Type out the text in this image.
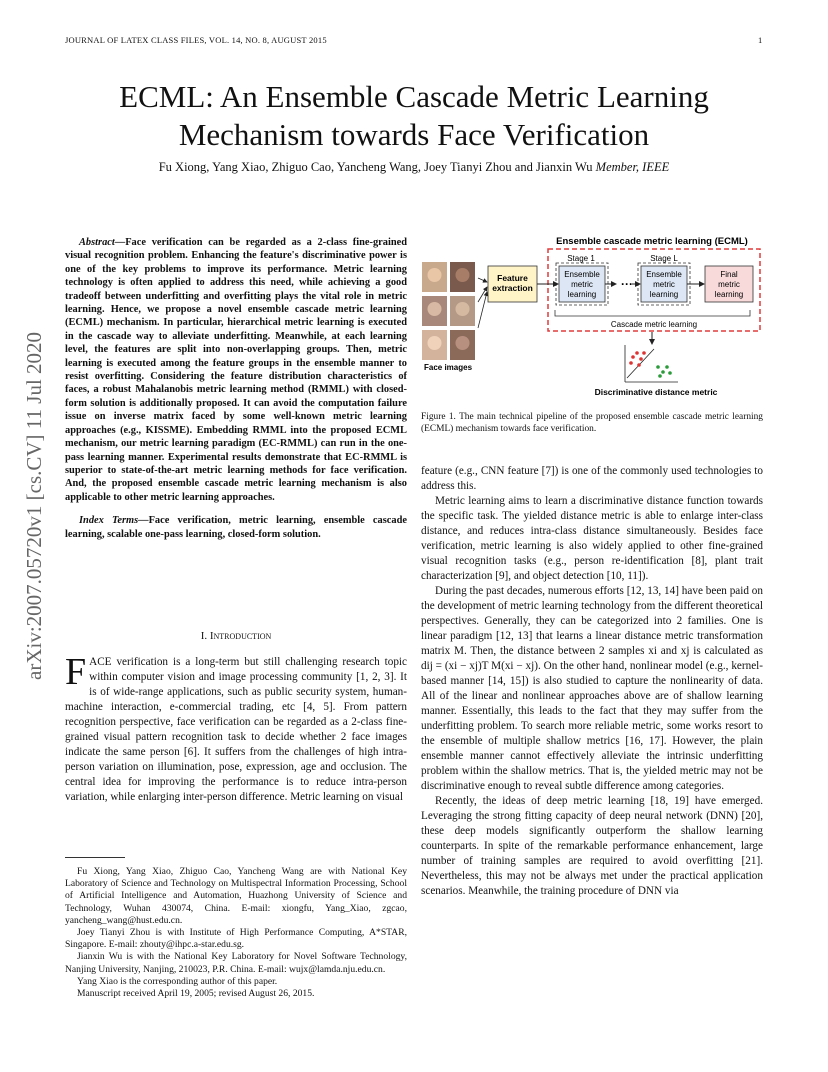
JOURNAL OF LATEX CLASS FILES, VOL. 14, NO. 8, AUGUST 2015	1
ECML: An Ensemble Cascade Metric Learning
Mechanism towards Face Verification
Fu Xiong, Yang Xiao, Zhiguo Cao, Yancheng Wang, Joey Tianyi Zhou and Jianxin Wu Member, IEEE
arXiv:2007.05720v1 [cs.CV] 11 Jul 2020
Abstract—Face verification can be regarded as a 2-class fine-grained visual recognition problem. Enhancing the feature's discriminative power is one of the key problems to improve its performance. Metric learning technology is often applied to address this need, while achieving a good tradeoff between underfitting and overfitting plays the vital role in metric learning. Hence, we propose a novel ensemble cascade metric learning (ECML) mechanism. In particular, hierarchical metric learning is executed in the cascade way to alleviate underfitting. Meanwhile, at each learning level, the features are split into non-overlapping groups. Then, metric learning is executed among the feature groups in the ensemble manner to resist overfitting. Considering the feature distribution characteristics of faces, a robust Mahalanobis metric learning method (RMML) with closed-form solution is additionally proposed. It can avoid the computation failure issue on inverse matrix faced by some well-known metric learning approaches (e.g., KISSME). Embedding RMML into the proposed ECML mechanism, our metric learning paradigm (EC-RMML) can run in the one-pass learning manner. Experimental results demonstrate that EC-RMML is superior to state-of-the-art metric learning methods for face verification. And, the proposed ensemble cascade metric learning mechanism is also applicable to other metric learning approaches.
Index Terms—Face verification, metric learning, ensemble cascade learning, scalable one-pass learning, closed-form solution.
I. Introduction
FACE verification is a long-term but still challenging research topic within computer vision and image processing community [1, 2, 3]. It is of wide-range applications, such as public security system, human-machine interaction, e-commercial trading, etc [4, 5]. From pattern recognition perspective, face verification can be regarded as a 2-class fine-grained visual pattern recognition task to decide whether 2 face images indicate the same person [6]. It suffers from the challenges of high intra-person variation on illumination, pose, expression, age and occlusion. The central idea for improving the performance is to reduce intra-person variation, while enlarging inter-person difference. Metric learning on visual

Fu Xiong, Yang Xiao, Zhiguo Cao, Yancheng Wang are with National Key Laboratory of Science and Technology on Multispectral Information Processing, School of Artificial Intelligence and Automation, Huazhong University of Science and Technology, Wuhan 430074, China. E-mail: xiongfu, Yang_Xiao, zgcao, yancheng_wang@hust.edu.cn.

Joey Tianyi Zhou is with Institute of High Performance Computing, A*STAR, Singapore. E-mail: zhouty@ihpc.a-star.edu.sg.

Jianxin Wu is with the National Key Laboratory for Novel Software Technology, Nanjing University, Nanjing, 210023, P.R. China. E-mail: wujx@lamda.nju.edu.cn.

Yang Xiao is the corresponding author of this paper.

Manuscript received April 19, 2005; revised August 26, 2015.

Ensemble cascade metric learning (ECML)
Stage 1	Stage L
Feature
extraction
Ensemble
metric
learning
Ensemble
metric
learning
Final
metric
learning
···
Cascade metric learning
Discriminative distance metric
Face images
Figure 1. The main technical pipeline of the proposed ensemble cascade metric learning (ECML) mechanism towards face verification.

feature (e.g., CNN feature [7]) is one of the commonly used technologies to address this.

Metric learning aims to learn a discriminative distance function towards the specific task. The yielded distance metric is able to enlarge inter-class distance, and reduces intra-class distance simultaneously. Besides face verification, metric learning is also widely applied to other fine-grained visual recognition tasks (e.g., person re-identification [8], plant trait characterization [9], and object detection [10, 11]).

During the past decades, numerous efforts [12, 13, 14] have been paid on the development of metric learning technology from the different theoretical perspectives. Generally, they can be categorized into 2 families. One is linear paradigm [12, 13] that learns a linear distance metric transformation matrix M. Then, the distance between 2 samples xi and xj is calculated as dij = (xi − xj)T M(xi − xj). On the other hand, nonlinear model (e.g., kernel-based manner [14, 15]) is also studied to capture the nonlinearity of data. All of the linear and nonlinear approaches above are of shallow learning manner. Essentially, this leads to the fact that they may suffer from the underfitting problem. To search more reliable metric, some works resort to the ensemble of multiple shallow metrics [16, 17]. However, the plain ensemble manner cannot effectively alleviate the intrinsic underfitting problem within the shallow metrics. That is, the yielded metric may not be discriminative enough to reveal subtle difference among categories.

Recently, the ideas of deep metric learning [18, 19] have emerged. Leveraging the strong fitting capacity of deep neural network (DNN) [20], these deep models significantly outperform the shallow learning counterparts. In spite of the remarkable performance enhancement, large number of training samples are required to avoid overfitting [21]. Nevertheless, this may not be always met under the practical application scenarios. Meanwhile, the training procedure of DNN via
